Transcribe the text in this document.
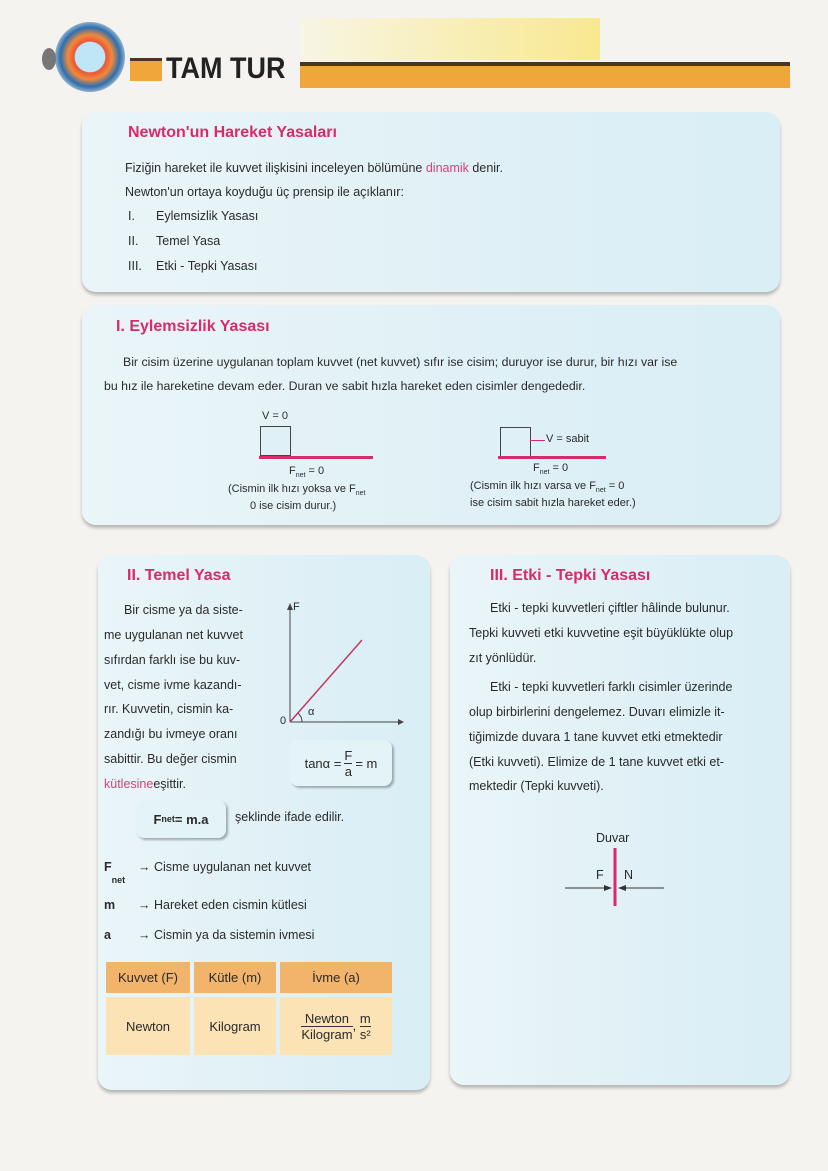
TAM TUR
Newton'un Hareket Yasaları
Fiziğin hareket ile kuvvet ilişkisini inceleyen bölümüne dinamik denir.
Newton'un ortaya koyduğu üç prensip ile açıklanır:
I. Eylemsizlik Yasası
II. Temel Yasa
III. Etki - Tepki Yasası
I. Eylemsizlik Yasası
Bir cisim üzerine uygulanan toplam kuvvet (net kuvvet) sıfır ise cisim; duruyor ise durur, bir hızı var ise
bu hız ile hareketine devam eder. Duran ve sabit hızla hareket eden cisimler dengededir.
V = 0
$F_{net} = 0$
(Cismin ilk hızı yoksa ve $F_{net}$
0 ise cisim durur.)
V = sabit
$F_{net} = 0$
(Cismin ilk hızı varsa ve $F_{net} = 0$
ise cisim sabit hızla hareket eder.)
II. Temel Yasa
Bir cisme ya da siste-
me uygulanan net kuvvet
sıfırdan farklı ise bu kuv-
vet, cisme ivme kazandı-
rır. Kuvvetin, cismin ka-
zandığı bu ivmeye oranı
sabittir. Bu değer cismin
kütlesineeşittir.
F
0
α
$\tan\alpha = \frac{F}{a} = m$
F net = m.a şeklinde ifade edilir.
$F_{net}$
→ Cisme uygulanan net kuvvet
m → Hareket eden cismin kütlesi
a → Cismin ya da sistemin ivmesi
Kuvvet (F)	Kütle (m)	İvme (a)
Newton	Kilogram	$\frac{\text{Newton}}{\text{Kilogram}}$ , $\frac{m}{\text{s²}}$
III. Etki - Tepki Yasası
Etki - tepki kuvvetleri çiftler hâlinde bulunur.
Tepki kuvveti etki kuvvetine eşit büyüklükte olup
zıt yönlüdür.
Etki - tepki kuvvetleri farklı cisimler üzerinde
olup birbirlerini dengelemez. Duvarı elimizle it-
tiğimizde duvara 1 tane kuvvet etki etmektedir
(Etki kuvveti). Elimize de 1 tane kuvvet etki et-
mektedir (Tepki kuvveti).
Duvar
F N
